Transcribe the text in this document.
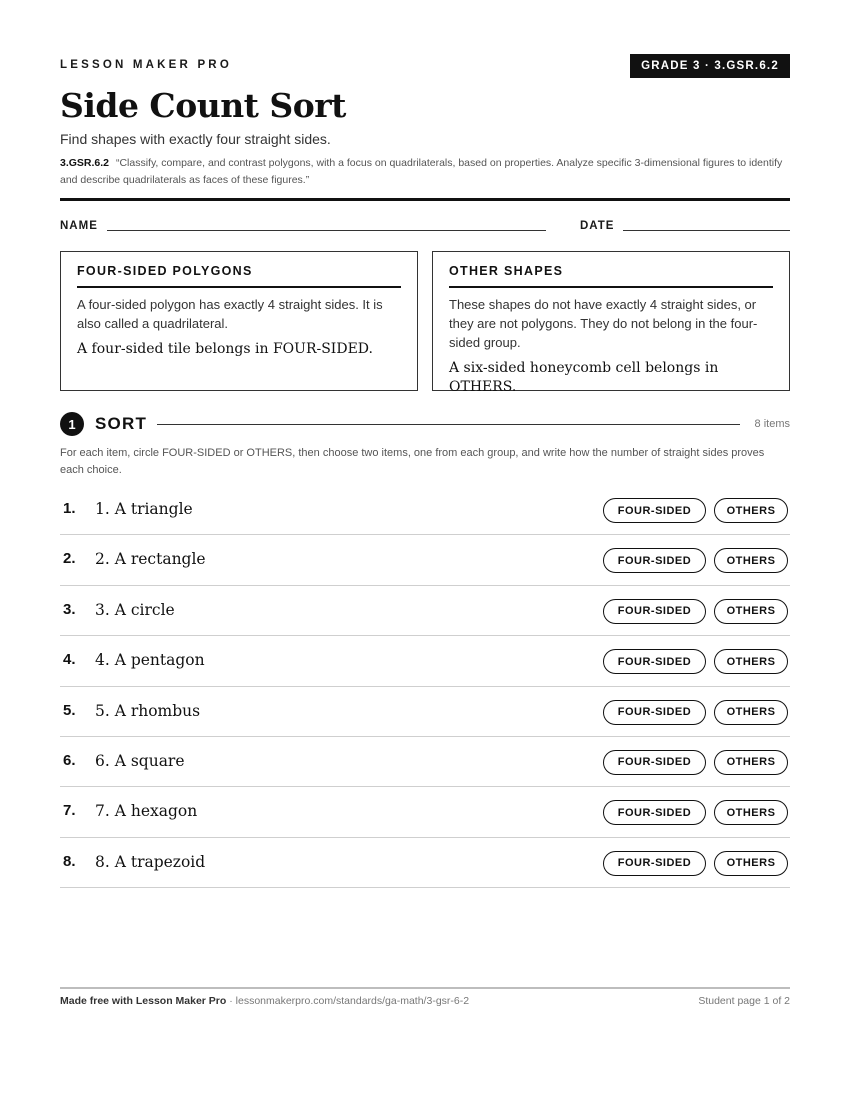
LESSON MAKER PRO	GRADE 3 · 3.GSR.6.2
Side Count Sort
Find shapes with exactly four straight sides.
3.GSR.6.2 “Classify, compare, and contrast polygons, with a focus on quadrilaterals, based on properties. Analyze specific 3-dimensional figures to identify and describe quadrilaterals as faces of these figures.”
NAME	DATE
FOUR-SIDED POLYGONS
A four-sided polygon has exactly 4 straight sides. It is also called a quadrilateral.
A four-sided tile belongs in FOUR-SIDED.
OTHER SHAPES
These shapes do not have exactly 4 straight sides, or they are not polygons. They do not belong in the four-sided group.
A six-sided honeycomb cell belongs in OTHERS.
1	SORT	8 items
For each item, circle FOUR-SIDED or OTHERS, then choose two items, one from each group, and write how the number of straight sides proves each choice.
1. 1. A triangle	FOUR-SIDED	OTHERS
2. 2. A rectangle	FOUR-SIDED	OTHERS
3. 3. A circle	FOUR-SIDED	OTHERS
4. 4. A pentagon	FOUR-SIDED	OTHERS
5. 5. A rhombus	FOUR-SIDED	OTHERS
6. 6. A square	FOUR-SIDED	OTHERS
7. 7. A hexagon	FOUR-SIDED	OTHERS
8. 8. A trapezoid	FOUR-SIDED	OTHERS
Made free with Lesson Maker Pro · lessonmakerpro.com/standards/ga-math/3-gsr-6-2	Student page 1 of 2
